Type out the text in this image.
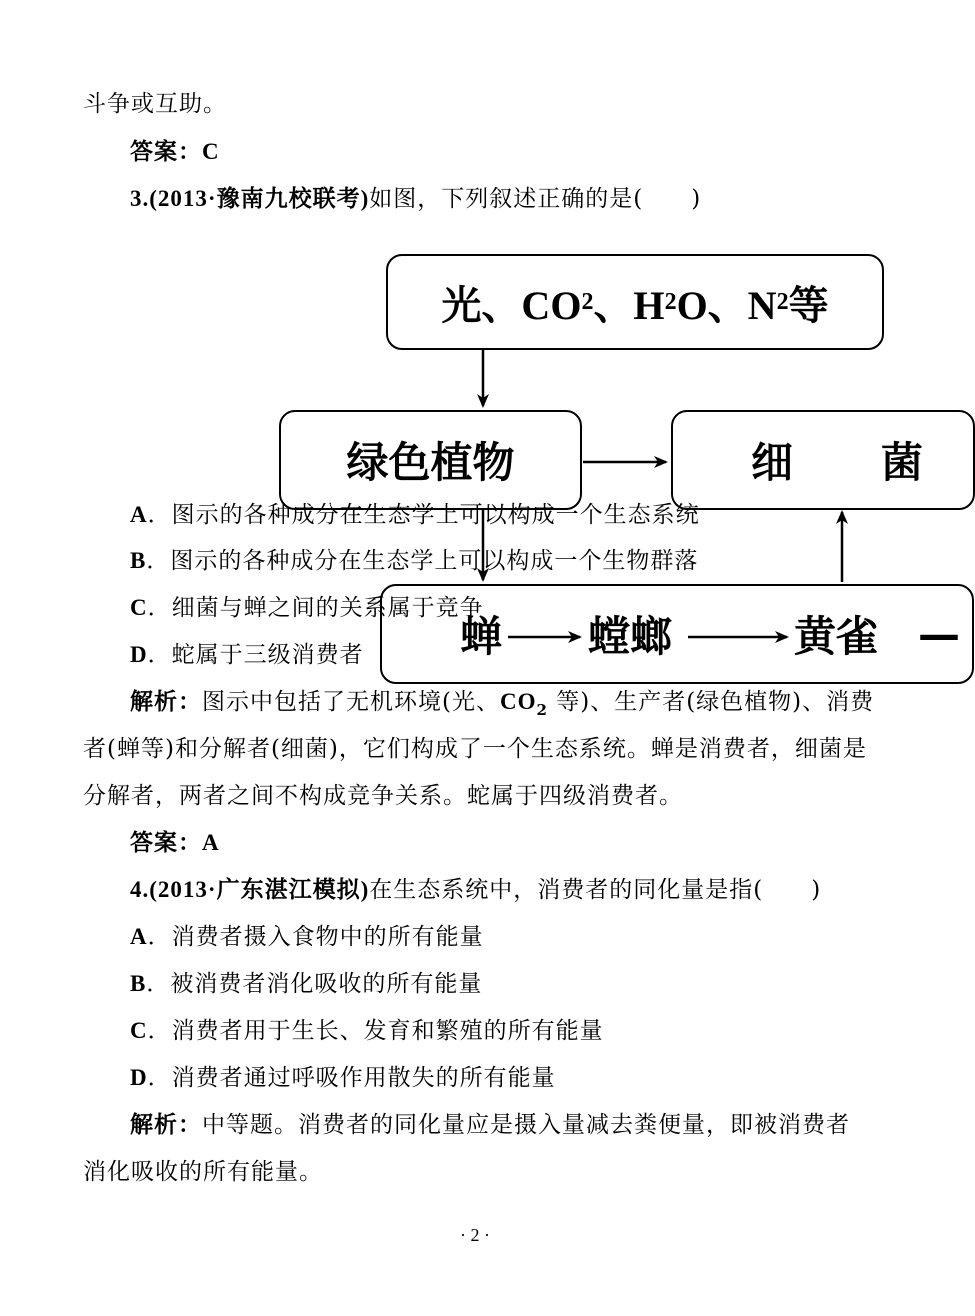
光、CO 2 、H 2 O、N 2 等
绿色植物	细 菌
蝉 螳螂	黄雀 —
斗争或互助。
答案：C
3.(2013·豫南九校联考)如图，下列叙述正确的是(　　)
A．图示的各种成分在生态学上可以构成一个生态系统
B．图示的各种成分在生态学上可以构成一个生物群落
C．细菌与蝉之间的关系属于竞争
D．蛇属于三级消费者
解析：图示中包括了无机环境(光、$CO_2$ 等)、生产者(绿色植物)、消费
者(蝉等)和分解者(细菌)，它们构成了一个生态系统。蝉是消费者，细菌是
分解者，两者之间不构成竞争关系。蛇属于四级消费者。
答案：A
4.(2013·广东湛江模拟)在生态系统中，消费者的同化量是指(　　)
A．消费者摄入食物中的所有能量
B．被消费者消化吸收的所有能量
C．消费者用于生长、发育和繁殖的所有能量
D．消费者通过呼吸作用散失的所有能量
解析：中等题。消费者的同化量应是摄入量减去粪便量，即被消费者
消化吸收的所有能量。
· 2 ·
